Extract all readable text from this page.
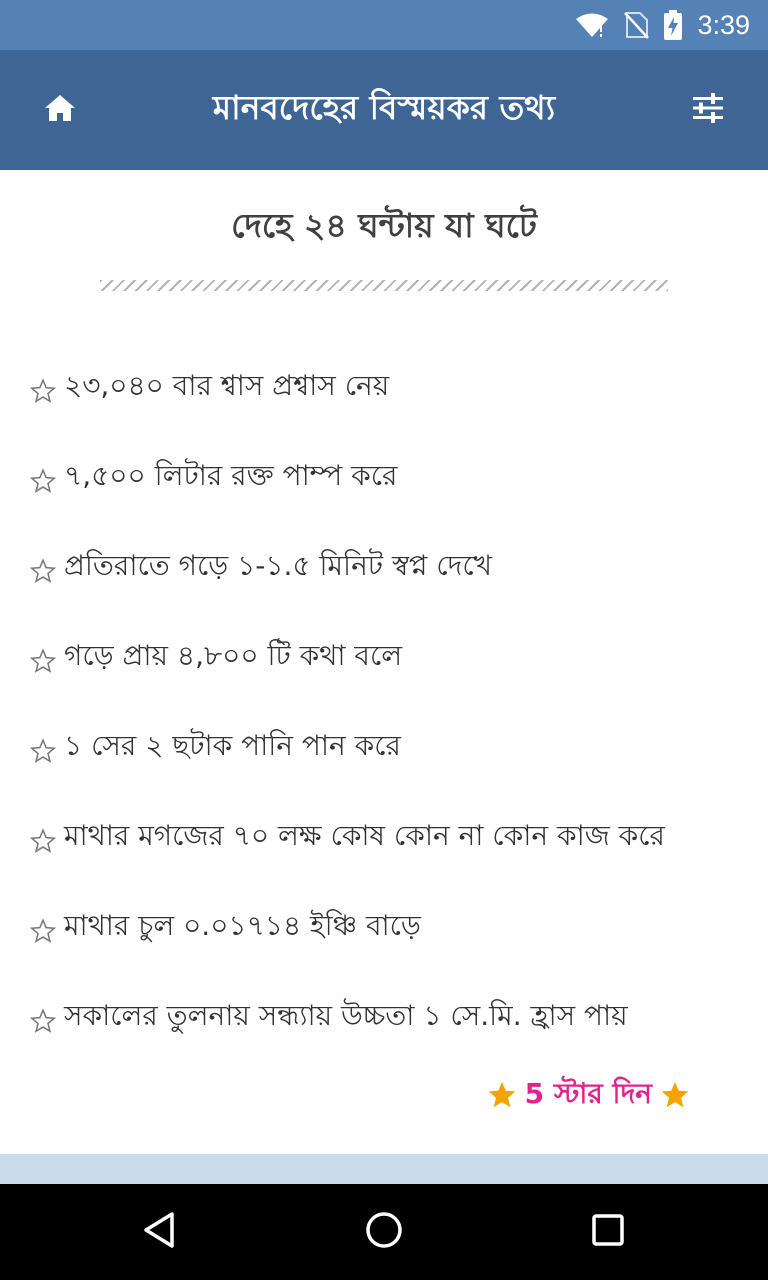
3:39
মানবদেহের বিস্ময়কর তথ্য
দেহে ২৪ ঘন্টায় যা ঘটে
২৩,০৪০ বার শ্বাস প্রশ্বাস নেয়
৭,৫০০ লিটার রক্ত পাম্প করে
প্রতিরাতে গড়ে ১-১.৫ মিনিট স্বপ্ন দেখে
গড়ে প্রায় ৪,৮০০ টি কথা বলে
১ সের ২ ছটাক পানি পান করে
মাথার মগজের ৭০ লক্ষ কোষ কোন না কোন কাজ করে
মাথার চুল ০.০১৭১৪ ইঞ্চি বাড়ে
সকালের তুলনায় সন্ধ্যায় উচ্চতা ১ সে.মি. হ্রাস পায়
5 স্টার দিন
